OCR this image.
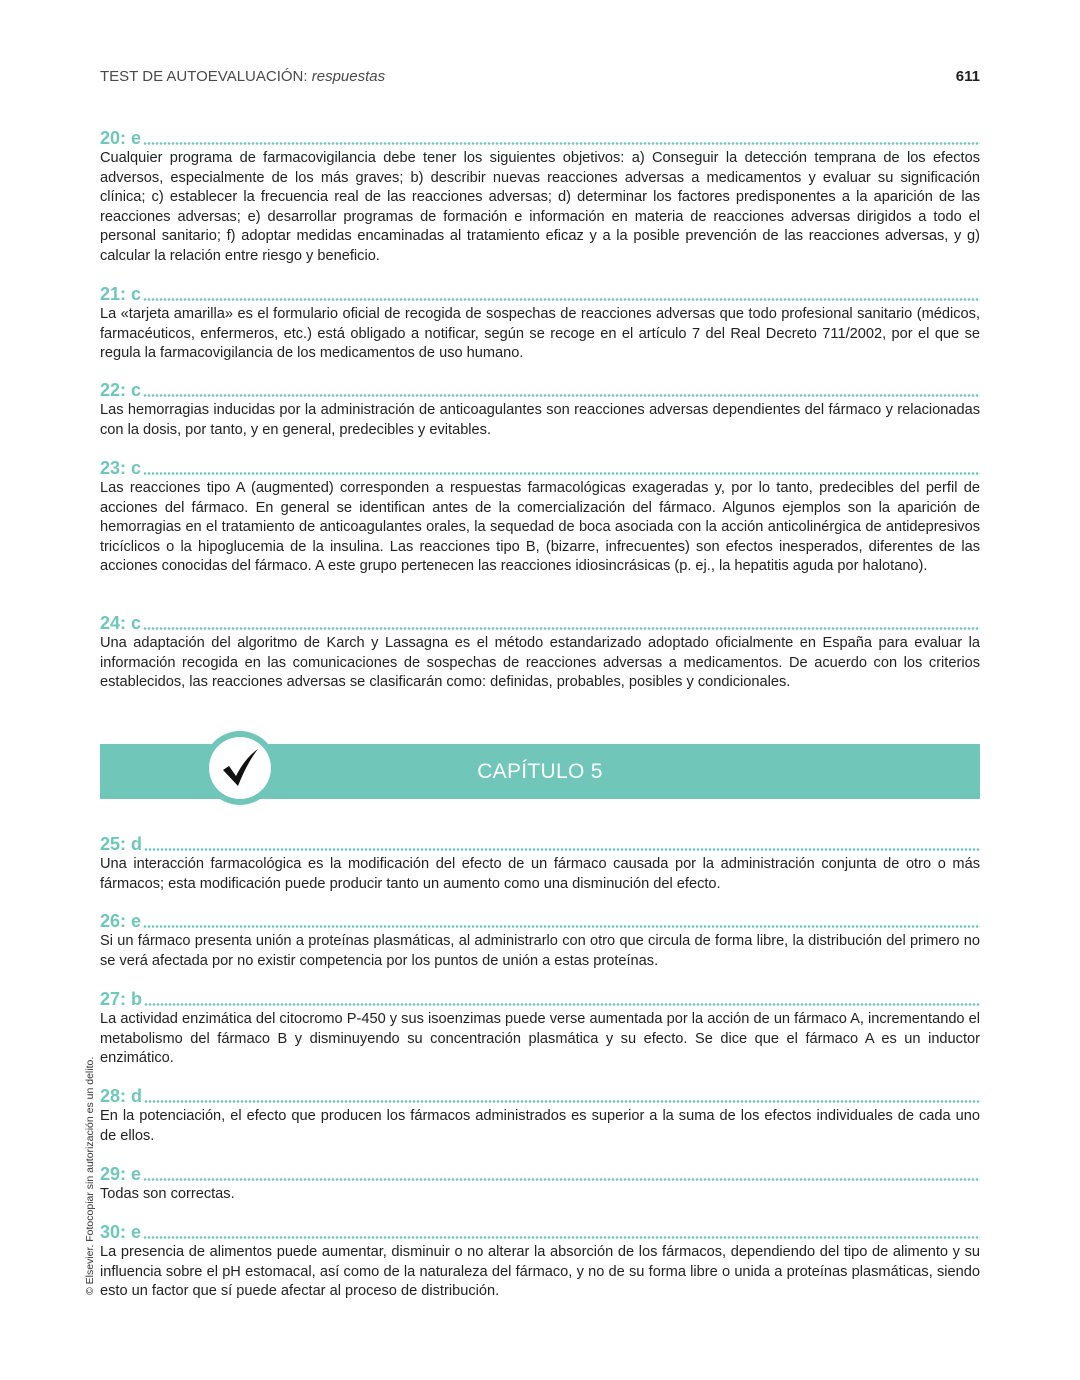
TEST DE AUTOEVALUACIÓN: respuestas	611
20: e
Cualquier programa de farmacovigilancia debe tener los siguientes objetivos: a) Conseguir la detección temprana de los efectos adversos, especialmente de los más graves; b) describir nuevas reacciones adversas a medicamentos y evaluar su significación clínica; c) establecer la frecuencia real de las reacciones adversas; d) determinar los factores predisponentes a la aparición de las reacciones adversas; e) desarrollar programas de formación e información en materia de reacciones adversas dirigidos a todo el personal sanitario; f) adoptar medidas encaminadas al tratamiento eficaz y a la posible prevención de las reacciones adversas, y g) calcular la relación entre riesgo y beneficio.
21: c
La «tarjeta amarilla» es el formulario oficial de recogida de sospechas de reacciones adversas que todo profesional sanitario (médicos, farmacéuticos, enfermeros, etc.) está obligado a notificar, según se recoge en el artículo 7 del Real Decreto 711/2002, por el que se regula la farmacovigilancia de los medicamentos de uso humano.
22: c
Las hemorragias inducidas por la administración de anticoagulantes son reacciones adversas dependientes del fármaco y relacionadas con la dosis, por tanto, y en general, predecibles y evitables.
23: c
Las reacciones tipo A (augmented) corresponden a respuestas farmacológicas exageradas y, por lo tanto, predecibles del perfil de acciones del fármaco. En general se identifican antes de la comercialización del fármaco. Algunos ejemplos son la aparición de hemorragias en el tratamiento de anticoagulantes orales, la sequedad de boca asociada con la acción anticolinérgica de antidepresivos tricíclicos o la hipoglucemia de la insulina. Las reacciones tipo B, (bizarre, infrecuentes) son efectos inesperados, diferentes de las acciones conocidas del fármaco. A este grupo pertenecen las reacciones idiosincrásicas (p. ej., la hepatitis aguda por halotano).
24: c
Una adaptación del algoritmo de Karch y Lassagna es el método estandarizado adoptado oficialmente en España para evaluar la información recogida en las comunicaciones de sospechas de reacciones adversas a medicamentos. De acuerdo con los criterios establecidos, las reacciones adversas se clasificarán como: definidas, probables, posibles y condicionales.
CAPÍTULO 5
25: d
Una interacción farmacológica es la modificación del efecto de un fármaco causada por la administración conjunta de otro o más fármacos; esta modificación puede producir tanto un aumento como una disminución del efecto.
26: e
Si un fármaco presenta unión a proteínas plasmáticas, al administrarlo con otro que circula de forma libre, la distribución del primero no se verá afectada por no existir competencia por los puntos de unión a estas proteínas.
27: b
La actividad enzimática del citocromo P-450 y sus isoenzimas puede verse aumentada por la acción de un fármaco A, incrementando el metabolismo del fármaco B y disminuyendo su concentración plasmática y su efecto. Se dice que el fármaco A es un inductor enzimático.
28: d
En la potenciación, el efecto que producen los fármacos administrados es superior a la suma de los efectos individuales de cada uno de ellos.
29: e
Todas son correctas.
30: e
La presencia de alimentos puede aumentar, disminuir o no alterar la absorción de los fármacos, dependiendo del tipo de alimento y su influencia sobre el pH estomacal, así como de la naturaleza del fármaco, y no de su forma libre o unida a proteínas plasmáticas, siendo esto un factor que sí puede afectar al proceso de distribución.
© Elsevier. Fotocopiar sin autorización es un delito.
